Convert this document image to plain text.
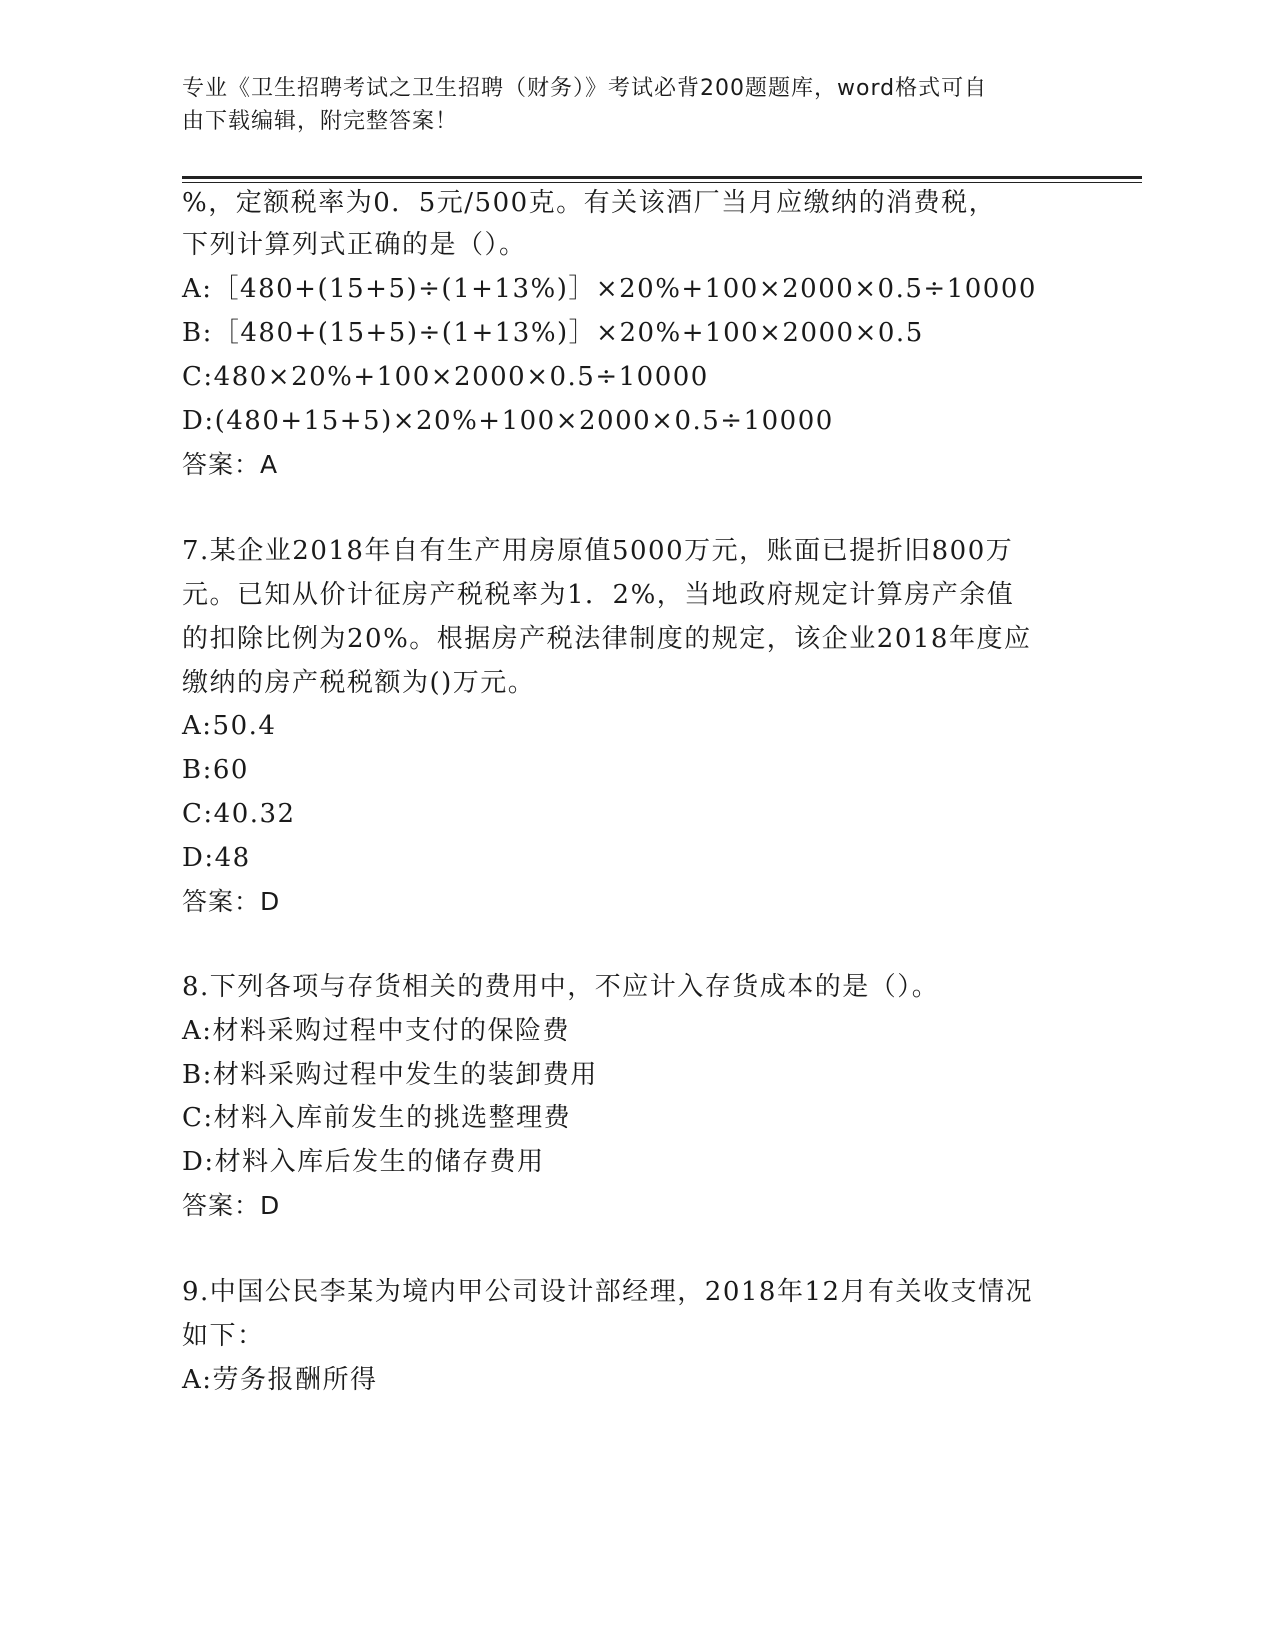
专业《卫生招聘考试之卫生招聘（财务）》考试必背200题题库，word格式可自
由下载编辑，附完整答案！
%，定额税率为0．5元/500克。有关该酒厂当月应缴纳的消费税，
下列计算列式正确的是（）。
A:［480+(15+5)÷(1+13%)］×20%+100×2000×0.5÷10000
B:［480+(15+5)÷(1+13%)］×20%+100×2000×0.5
C:480×20%+100×2000×0.5÷10000
D:(480+15+5)×20%+100×2000×0.5÷10000
答案：A
7.某企业2018年自有生产用房原值5000万元，账面已提折旧800万
元。已知从价计征房产税税率为1．2%，当地政府规定计算房产余值
的扣除比例为20%。根据房产税法律制度的规定，该企业2018年度应
缴纳的房产税税额为()万元。
A:50.4
B:60
C:40.32
D:48
答案：D
8.下列各项与存货相关的费用中，不应计入存货成本的是（）。
A:材料采购过程中支付的保险费
B:材料采购过程中发生的装卸费用
C:材料入库前发生的挑选整理费
D:材料入库后发生的储存费用
答案：D
9.中国公民李某为境内甲公司设计部经理，2018年12月有关收支情况
如下：
A:劳务报酬所得
